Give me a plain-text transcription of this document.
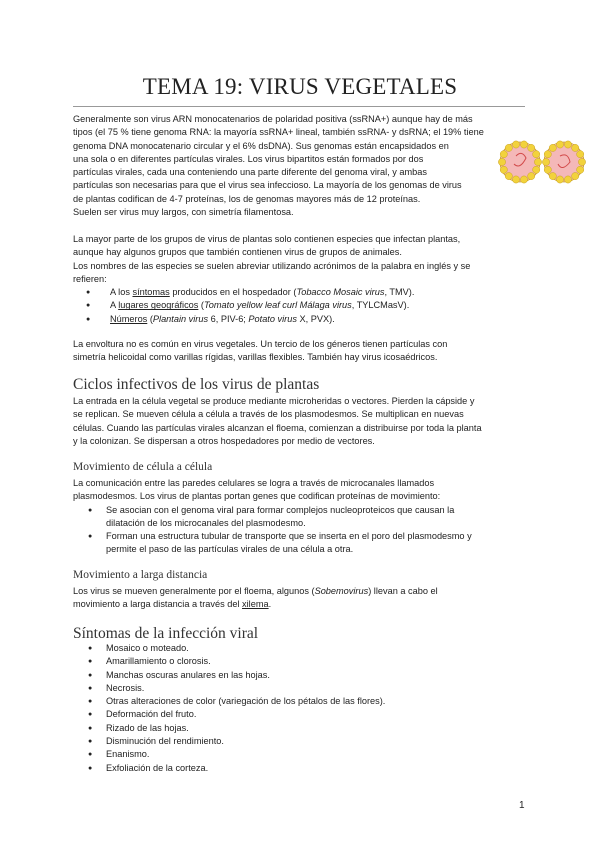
TEMA 19: VIRUS VEGETALES

Generalmente son virus ARN monocatenarios de polaridad positiva (ssRNA+) aunque hay de más

tipos (el 75 % tiene genoma RNA: la mayoría ssRNA+ lineal, también ssRNA- y dsRNA; el 19% tiene

genoma DNA monocatenario circular y el 6% dsDNA). Sus genomas están encapsidados en

una sola o en diferentes partículas virales. Los virus bipartitos están formados por dos

partículas virales, cada una conteniendo una parte diferente del genoma viral, y ambas

partículas son necesarias para que el virus sea infeccioso. La mayoría de los genomas de virus

de plantas codifican de 4-7 proteínas, los de genomas mayores más de 12 proteínas.

Suelen ser virus muy largos, con simetría filamentosa.

La mayor parte de los grupos de virus de plantas solo contienen especies que infectan plantas,

aunque hay algunos grupos que también contienen virus de grupos de animales.

Los nombres de las especies se suelen abreviar utilizando acrónimos de la palabra en inglés y se

refieren:

● A los síntomas producidos en el hospedador (Tobacco Mosaic virus, TMV).
● A lugares geográficos (Tomato yellow leaf curl Málaga virus, TYLCMasV).
● Números (Plantain virus 6, PIV-6; Potato virus X, PVX).

La envoltura no es común en virus vegetales. Un tercio de los géneros tienen partículas con

simetría helicoidal como varillas rígidas, varillas flexibles. También hay virus icosaédricos.

Ciclos infectivos de los virus de plantas

La entrada en la célula vegetal se produce mediante microheridas o vectores. Pierden la cápside y

se replican. Se mueven célula a célula a través de los plasmodesmos. Se multiplican en nuevas

células. Cuando las partículas virales alcanzan el floema, comienzan a distribuirse por toda la planta

y la colonizan. Se dispersan a otros hospedadores por medio de vectores.

Movimiento de célula a célula

La comunicación entre las paredes celulares se logra a través de microcanales llamados

plasmodesmos. Los virus de plantas portan genes que codifican proteínas de movimiento:

● Se asocian con el genoma viral para formar complejos nucleoproteicos que causan la
dilatación de los microcanales del plasmodesmo.
● Forman una estructura tubular de transporte que se inserta en el poro del plasmodesmo y
permite el paso de las partículas virales de una célula a otra.
Movimiento a larga distancia

Los virus se mueven generalmente por el floema, algunos (Sobemovirus) llevan a cabo el

movimiento a larga distancia a través del xilema.

Síntomas de la infección viral
● Mosaico o moteado.
● Amarillamiento o clorosis.
● Manchas oscuras anulares en las hojas.
● Necrosis.
● Otras alteraciones de color (variegación de los pétalos de las flores).
● Deformación del fruto.
● Rizado de las hojas.
● Disminución del rendimiento.
● Enanismo.
● Exfoliación de la corteza.
1
